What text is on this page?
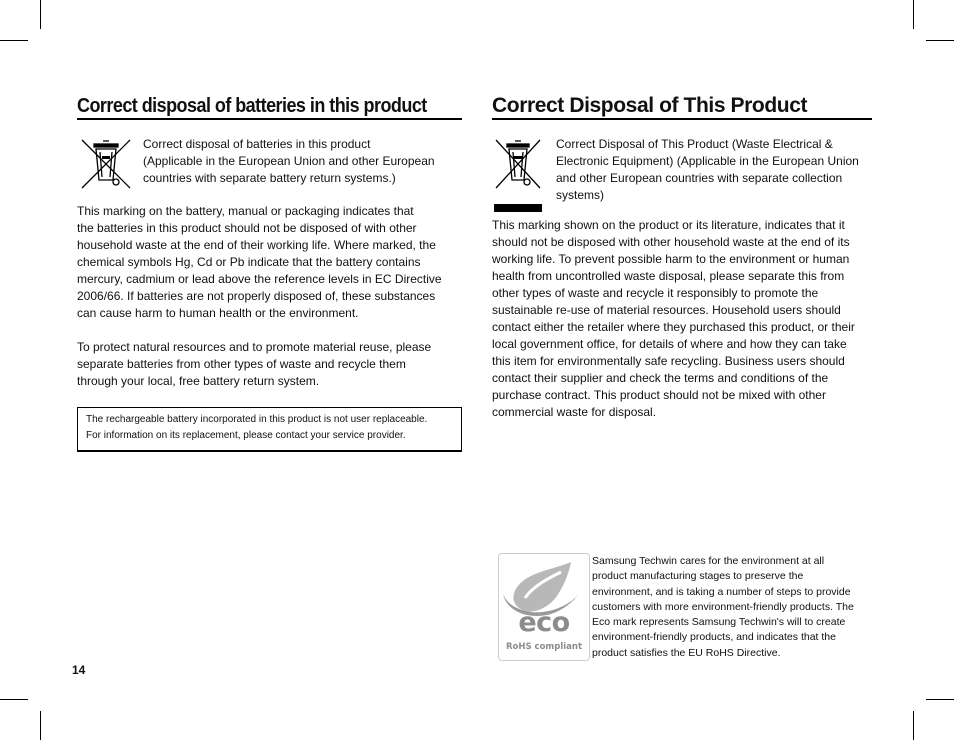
Correct disposal of batteries in this product
Correct disposal of batteries in this product
(Applicable in the European Union and other European
countries with separate battery return systems.)
This marking on the battery, manual or packaging indicates that
the batteries in this product should not be disposed of with other
household waste at the end of their working life. Where marked, the
chemical symbols Hg, Cd or Pb indicate that the battery contains
mercury, cadmium or lead above the reference levels in EC Directive
2006/66. If batteries are not properly disposed of, these substances
can cause harm to human health or the environment.
To protect natural resources and to promote material reuse, please
separate batteries from other types of waste and recycle them
through your local, free battery return system.
The rechargeable battery incorporated in this product is not user replaceable.
For information on its replacement, please contact your service provider.
Correct Disposal of This Product
Correct Disposal of This Product (Waste Electrical &
Electronic Equipment) (Applicable in the European Union
and other European countries with separate collection
systems)
This marking shown on the product or its literature, indicates that it
should not be disposed with other household waste at the end of its
working life. To prevent possible harm to the environment or human
health from uncontrolled waste disposal, please separate this from
other types of waste and recycle it responsibly to promote the
sustainable re-use of material resources. Household users should
contact either the retailer where they purchased this product, or their
local government office, for details of where and how they can take
this item for environmentally safe recycling. Business users should
contact their supplier and check the terms and conditions of the
purchase contract. This product should not be mixed with other
commercial waste for disposal.
eco
RoHS compliant
Samsung Techwin cares for the environment at all
product manufacturing stages to preserve the
environment, and is taking a number of steps to provide
customers with more environment-friendly products. The
Eco mark represents Samsung Techwin's will to create
environment-friendly products, and indicates that the
product satisfies the EU RoHS Directive.
14
